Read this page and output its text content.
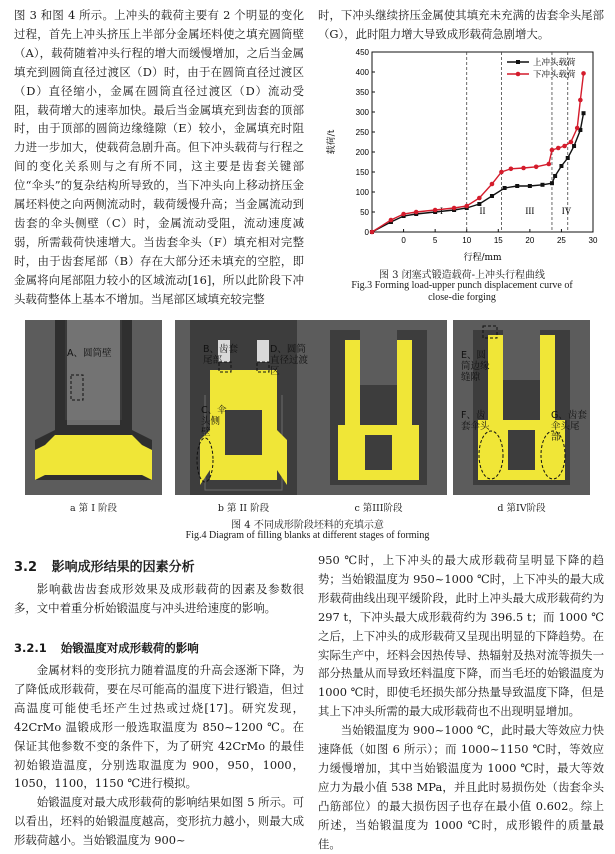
图 3 和图 4 所示。上冲头的载荷主要有 2 个明显的变化过程，首先上冲头挤压上半部分金属坯料使之填充圆筒壁（A），载荷随着冲头行程的增大而缓慢增加，之后当金属填充到圆筒直径过渡区（D）时，由于在圆筒直径过渡区（D）直径缩小，金属在圆筒直径过渡区（D）流动受阻，载荷增大的速率加快。最后当金属填充到齿套的顶部时，由于顶部的圆筒边缘缝隙（E）较小，金属填充时阻力进一步加大，使载荷急剧升高。但下冲头载荷与行程之间的变化关系则与之有所不同，这主要是齿套关键部位“伞头”的复杂结构所导致的，当下冲头向上移动挤压金属坯料使之向两侧流动时，载荷缓慢升高；当金属流动到齿套的伞头侧壁（C）时，金属流动受阻，流动速度减弱，所需载荷快速增大。当齿套伞头（F）填充相对完整时，由于齿套尾部（B）存在大部分还未填充的空腔，即金属将向尾部阻力较小的区域流动[16]，所以此阶段下冲头载荷整体上基本不增加。当尾部区域填充较完整

时，下冲头继续挤压金属使其填充未充满的齿套伞头尾部（G），此时阻力增大导致成形载荷急剧增大。

0	5	10	15	20	25	30
0
50
100
150
200
250
300
350
400
450
行程/mm
载荷/t
I	II	III	IV
上冲头载荷
下冲头载荷
图 3 闭塞式锻造载荷-上冲头行程曲线
Fig.3 Forming load-upper punch displacement curve of
close-die forging
A、圆筒壁
a 第 I 阶段
B、齿套尾部
C、伞头侧壁
D、圆筒直径过渡区
b 第 II 阶段	c 第III阶段
E、圆筒边缘缝隙
F、齿套伞头
G、齿套伞头尾部
d 第IV阶段
图 4 不同成形阶段坯料的充填示意
Fig.4 Diagram of filling blanks at different stages of forming
3.2 影响成形结果的因素分析

影响截齿齿套成形效果及成形载荷的因素及参数很多，文中着重分析始锻温度与冲头进给速度的影响。

3.2.1 始锻温度对成形载荷的影响

金属材料的变形抗力随着温度的升高会逐渐下降，为了降低成形载荷，要在尽可能高的温度下进行锻造，但过高温度可能使毛坯产生过热或过烧[17]。研究发现，42CrMo 温锻成形一般选取温度为 850~1200 ℃。在保证其他参数不变的条件下，为了研究 42CrMo 的最佳初始锻造温度，分别选取温度为 900，950，1000，1050，1100，1150 ℃进行模拟。

始锻温度对最大成形载荷的影响结果如图 5 所示。可以看出，坯料的始锻温度越高，变形抗力越小，则最大成形载荷越小。当始锻温度为 900~

950 ℃时，上下冲头的最大成形载荷呈明显下降的趋势；当始锻温度为 950~1000 ℃时，上下冲头的最大成形载荷曲线出现平缓阶段，此时上冲头最大成形载荷约为 297 t，下冲头最大成形载荷约为 396.5 t；而 1000 ℃之后，上下冲头的成形载荷又呈现出明显的下降趋势。在实际生产中，坯料会因热传导、热辐射及热对流等损失一部分热量从而导致坯料温度下降，而当毛坯的始锻温度为 1000 ℃时，即使毛坯损失部分热量导致温度下降，但是其上下冲头所需的最大成形载荷也不出现明显增加。

当始锻温度为 900~1000 ℃，此时最大等效应力快速降低（如图 6 所示）；而 1000~1150 ℃时，等效应力缓慢增加，其中当始锻温度为 1000 ℃时，最大等效应力为最小值 538 MPa，并且此时易损伤处（齿套伞头凸筋部位）的最大损伤因子也存在最小值 0.602。综上所述，当始锻温度为 1000 ℃时，成形锻件的质量最佳。
